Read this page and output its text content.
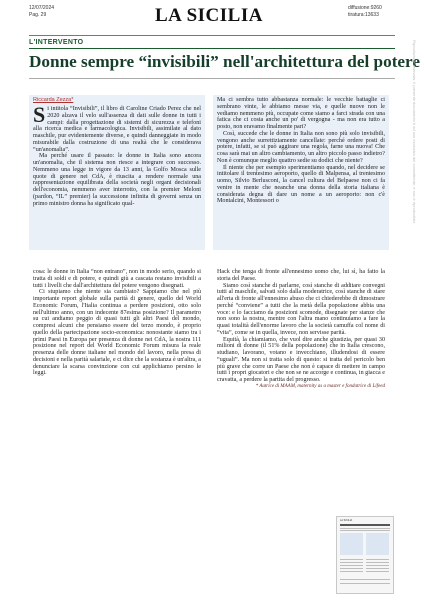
12/07/2024
Pag. 29	LA SICILIA	diffusione:9260
tiratura:13633
L'INTERVENTO
Donne sempre “invisibili” nell'architettura del potere
Riccarda Zezza*

Si intitola “Invisibili”, il libro di Caroline Criado Perez che nel 2020 alzava il velo sull'assenza di dati sulle donne in tutti i campi: dalla progettazione di sistemi di sicurezza e telefoni alla ricerca medica e farmacologica. Invisibili, assimilate al dato maschile, pur evidentemente diverse, e quindi danneggiate in modo misurabile dalla costruzione di una realtà che le considerava “un'anomalia”.

Ma perché usare il passato: le donne in Italia sono ancora un'anomalia, che il sistema non riesce a integrare con successo. Nemmeno una legge in vigore da 13 anni, la Golfo Mosca sulle quote di genere nei CdA, è riuscita a rendere normale una rappresentazione equilibrata della società negli organi decisionali dell'economia, nemmeno aver interrotto, con la premier Meloni (pardon, “IL” premier) la successione infinita di governi senza un primo ministro donna ha significato qual-

Ma ci sembra tutto abbastanza normale: le vecchie battaglie ci sembrano vinte, le abbiamo messe via, e quelle nuove non le vediamo nemmeno più, occupate come siamo a farci strada con una fatica che ci costa anche un po' di vergogna - ma non era tutto a posto, non eravamo finalmente pari?

Così, succede che le donne in Italia non sono più solo invisibili, vengono anche surrettiziamente cancellate: perché ordere posti di potere, infatti, se si può aggirare una regola, farne una nuova! Che cosa sarà mai un altro cambiamento, un altro piccolo passo indietro? Non è comunque meglio quattro sedie su dodici che niente?

Il niente che per esempio sperimentiamo quando, nel decidere se intitolare il trentesimo aeroporto, quello di Malpensa, al trentesimo uomo, Silvio Berlusconi, la cancel cultura del Belpaese non ci fa venire in mente che neanche una donna della storia italiana è considerata degna di dare un nome a un aeroporto: non c'è Montalcini, Montessori o

cosa: le donne in Italia “non entrano”, non in modo serio, quando si tratta di soldi e di potere, e quindi giù a cascata restano invisibili a tutti i livelli che dall'architettura del potere vengono disegnati.

Ci stupiamo che niente sia cambiato? Sappiamo che nel più importante report globale sulla parità di genere, quello del World Economic Forum, l'Italia continua a perdere posizioni, otto solo nell'ultimo anno, con un indecente 87esima posizione? Il parametro su cui andiamo peggio di quasi tutti gli altri Paesi del mondo, compresi alcuni che pensiamo essere del terzo mondo, è proprio quello della partecipazione socio-economica: nonostante siamo tra i primi Paesi in Europa per presenza di donne nei CdA, la nostra 111 posizione nel report del World Economic Forum misura la reale presenza delle donne italiane nel mondo del lavoro, nella presa di decisioni e nella parità salariale, e ci dice che la sostanza è un'altra, a denunciare la scarsa convinzione con cui applichiamo persino le leggi.

Hack che tenga di fronte all'ennesimo uomo che, lui sì, ha fatto la storia del Paese.

Siamo così stanche di parlarne, così stanche di additare convegni tutti al maschile, salvati solo dalla moderatrice, così stanche di stare all'erta di fronte all'ennesimo abuso che ci chiederebbe di dimostrare perché “conviene” a tutti che la metà della popolazione abbia una voce: e lo facciamo da posizioni scomode, disegnate per stanze che non sono la nostra, mentre con l'altra mano continuiamo a fare la quasi totalità dell'enorme lavoro che la società camuffa col nome di “vita”, come se in quella, invece, non servisse parità.

Equità, la chiamiamo, che vuol dire anche giustizia, per quasi 30 milioni di donne (il 51% della popolazione) che in Italia crescono, studiano, lavorano, votano e invecchiano, illudendosi di essere “uguali”. Ma non si tratta solo di questo: si tratta del pericolo ben più grave che corre un Paese che non è capace di mettere in campo tutti i propri giocatori e che non se ne accorge e continua, in giacca e cravatta, a perdere la partita del progresso.

* Autrice di MAAM, maternity as a master e fondatrice di Lifeed
Riproduzione riservata. Il presente documento è ad uso esclusivo del committente, e non è riproducibile
LA SICILIA
